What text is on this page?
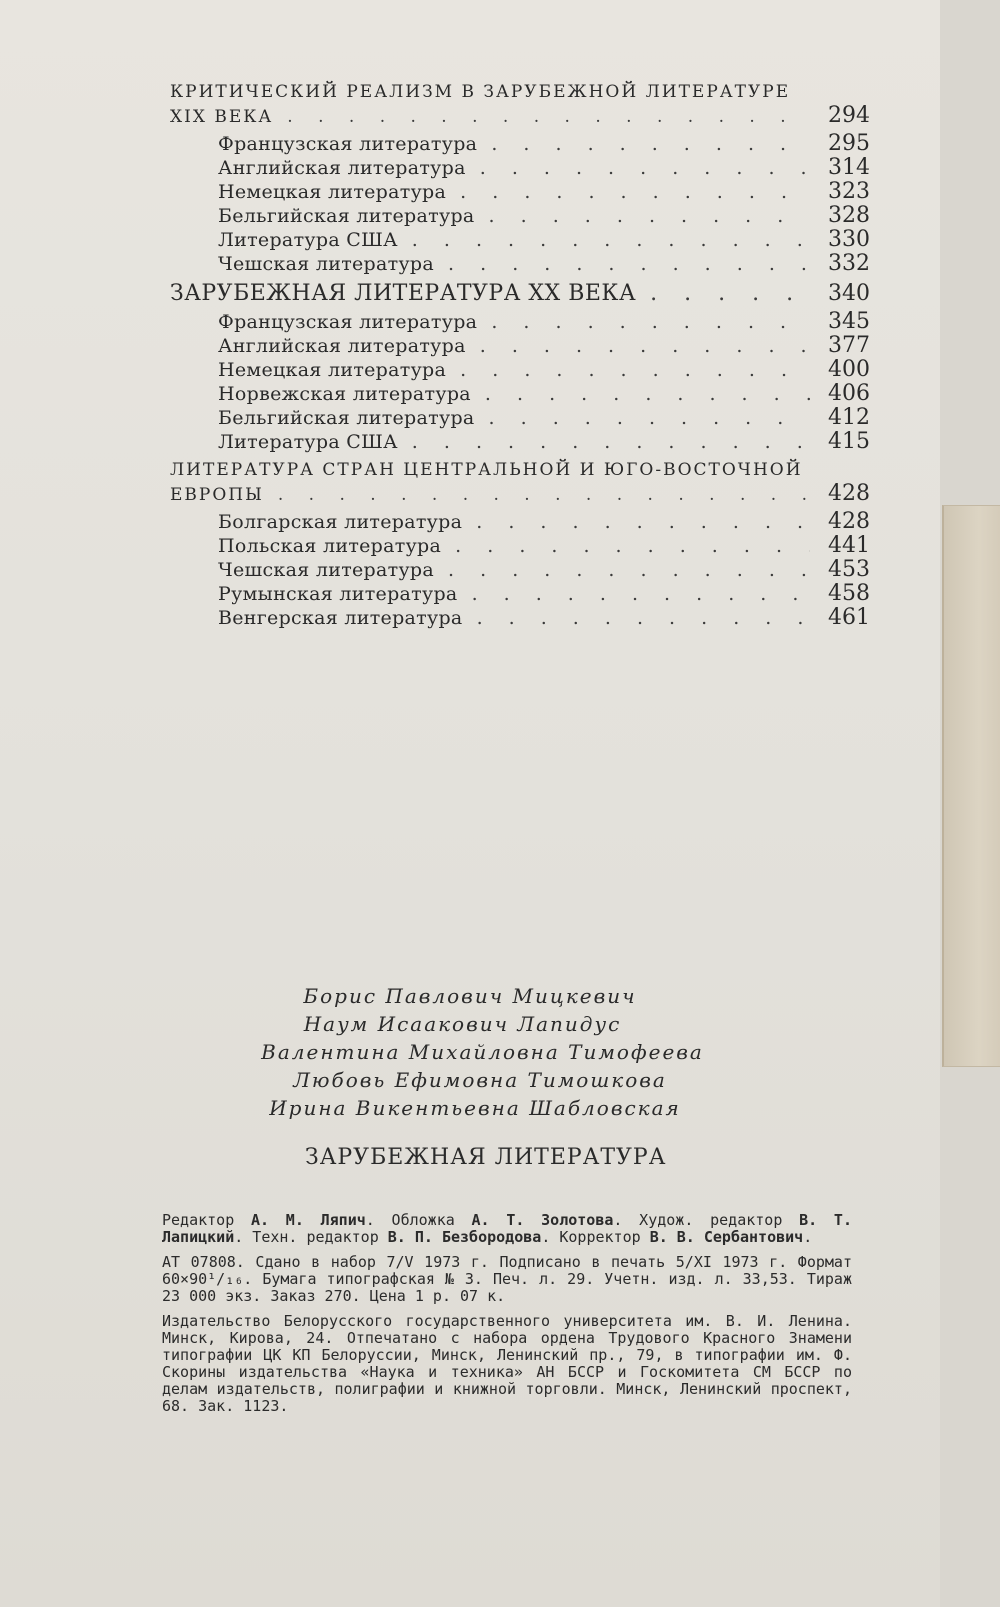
КРИТИЧЕСКИЙ РЕАЛИЗМ В ЗАРУБЕЖНОЙ ЛИТЕРАТУРЕ
XIX ВЕКА . . .	294
Французская литература . . .	295
Английская литература . . .	314
Немецкая литература . . .	323
Бельгийская литература . . .	328
Литература США . . .	330
Чешская литература . . .	332
ЗАРУБЕЖНАЯ ЛИТЕРАТУРА XX ВЕКА . . .	340
Французская литература . . .	345
Английская литература . . .	377
Немецкая литература . . .	400
Норвежская литература . . .	406
Бельгийская литература . . .	412
Литература США . . .	415
ЛИТЕРАТУРА СТРАН ЦЕНТРАЛЬНОЙ И ЮГО-ВОСТОЧНОЙ
ЕВРОПЫ . . .	428
Болгарская литература . . .	428
Польская литература . . .	441
Чешская литература . . .	453
Румынская литература . . .	458
Венгерская литература . . .	461
Борис Павлович Мицкевич
Наум Исаакович Лапидус
Валентина Михайловна Тимофеева
Любовь Ефимовна Тимошкова
Ирина Викентьевна Шабловская
ЗАРУБЕЖНАЯ ЛИТЕРАТУРА

Редактор А. М. Ляпич. Обложка А. Т. Золотова. Худож. редактор В. Т. Лапицкий. Техн. редактор В. П. Безбородова. Корректор В. В. Сербантович.

АТ 07808. Сдано в набор 7/V 1973 г. Подписано в печать 5/XI 1973 г. Формат 60×90¹/₁₆. Бумага типографская № 3. Печ. л. 29. Учетн. изд. л. 33,53. Тираж 23 000 экз. Заказ 270. Цена 1 р. 07 к.

Издательство Белорусского государственного университета им. В. И. Ленина. Минск, Кирова, 24. Отпечатано с набора ордена Трудового Красного Знамени типографии ЦК КП Белоруссии, Минск, Ленинский пр., 79, в типографии им. Ф. Скорины издательства «Наука и техника» АН БССР и Госкомитета СМ БССР по делам издательств, полиграфии и книжной торговли. Минск, Ленинский проспект, 68. Зак. 1123.
